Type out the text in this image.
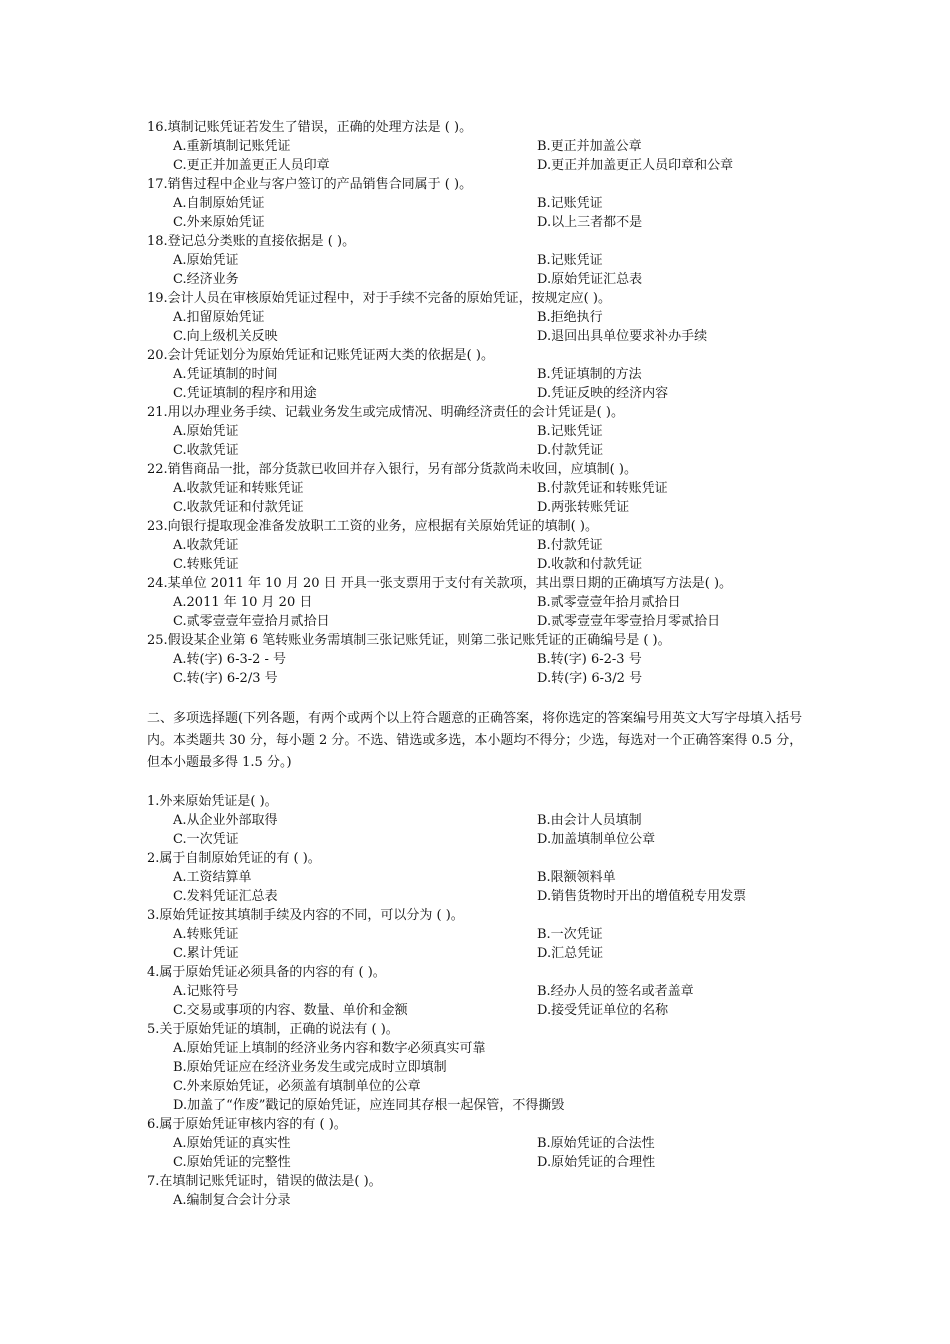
16.填制记账凭证若发生了错误，正确的处理方法是 ( )。
A.重新填制记账凭证	B.更正并加盖公章
C.更正并加盖更正人员印章	D.更正并加盖更正人员印章和公章
17.销售过程中企业与客户签订的产品销售合同属于 ( )。
A.自制原始凭证	B.记账凭证
C.外来原始凭证	D.以上三者都不是
18.登记总分类账的直接依据是 ( )。
A.原始凭证	B.记账凭证
C.经济业务	D.原始凭证汇总表
19.会计人员在审核原始凭证过程中，对于手续不完备的原始凭证，按规定应( )。
A.扣留原始凭证	B.拒绝执行
C.向上级机关反映	D.退回出具单位要求补办手续
20.会计凭证划分为原始凭证和记账凭证两大类的依据是( )。
A.凭证填制的时间	B.凭证填制的方法
C.凭证填制的程序和用途	D.凭证反映的经济内容
21.用以办理业务手续、记载业务发生或完成情况、明确经济责任的会计凭证是( )。
A.原始凭证	B.记账凭证
C.收款凭证	D.付款凭证
22.销售商品一批，部分货款已收回并存入银行，另有部分货款尚未收回，应填制( )。
A.收款凭证和转账凭证	B.付款凭证和转账凭证
C.收款凭证和付款凭证	D.两张转账凭证
23.向银行提取现金准备发放职工工资的业务，应根据有关原始凭证的填制( )。
A.收款凭证	B.付款凭证
C.转账凭证	D.收款和付款凭证
24.某单位 2011 年 10 月 20 日 开具一张支票用于支付有关款项，其出票日期的正确填写方法是( )。
A.2011 年 10 月 20 日	B.贰零壹壹年拾月贰拾日
C.贰零壹壹年壹拾月贰拾日	D.贰零壹壹年零壹拾月零贰拾日
25.假设某企业第 6 笔转账业务需填制三张记账凭证，则第二张记账凭证的正确编号是 ( )。
A.转(字) 6-3-2 - 号	B.转(字) 6-2-3 号
C.转(字) 6-2/3 号	D.转(字) 6-3/2 号
二、多项选择题(下列各题，有两个或两个以上符合题意的正确答案，将你选定的答案编号用英文大写字母填入括号内。本类题共 30 分，每小题 2 分。不选、错选或多选，本小题均不得分；少选，每选对一个正确答案得 0.5 分，但本小题最多得 1.5 分。)
1.外来原始凭证是( )。
A.从企业外部取得	B.由会计人员填制
C.一次凭证	D.加盖填制单位公章
2.属于自制原始凭证的有 ( )。
A.工资结算单	B.限额领料单
C.发料凭证汇总表	D.销售货物时开出的增值税专用发票
3.原始凭证按其填制手续及内容的不同，可以分为 ( )。
A.转账凭证	B.一次凭证
C.累计凭证	D.汇总凭证
4.属于原始凭证必须具备的内容的有 ( )。
A.记账符号	B.经办人员的签名或者盖章
C.交易或事项的内容、数量、单价和金额	D.接受凭证单位的名称
5.关于原始凭证的填制，正确的说法有 ( )。
A.原始凭证上填制的经济业务内容和数字必须真实可靠
B.原始凭证应在经济业务发生或完成时立即填制
C.外来原始凭证，必须盖有填制单位的公章
D.加盖了“作废”戳记的原始凭证，应连同其存根一起保管，不得撕毁
6.属于原始凭证审核内容的有 ( )。
A.原始凭证的真实性	B.原始凭证的合法性
C.原始凭证的完整性	D.原始凭证的合理性
7.在填制记账凭证时，错误的做法是( )。
A.编制复合会计分录
